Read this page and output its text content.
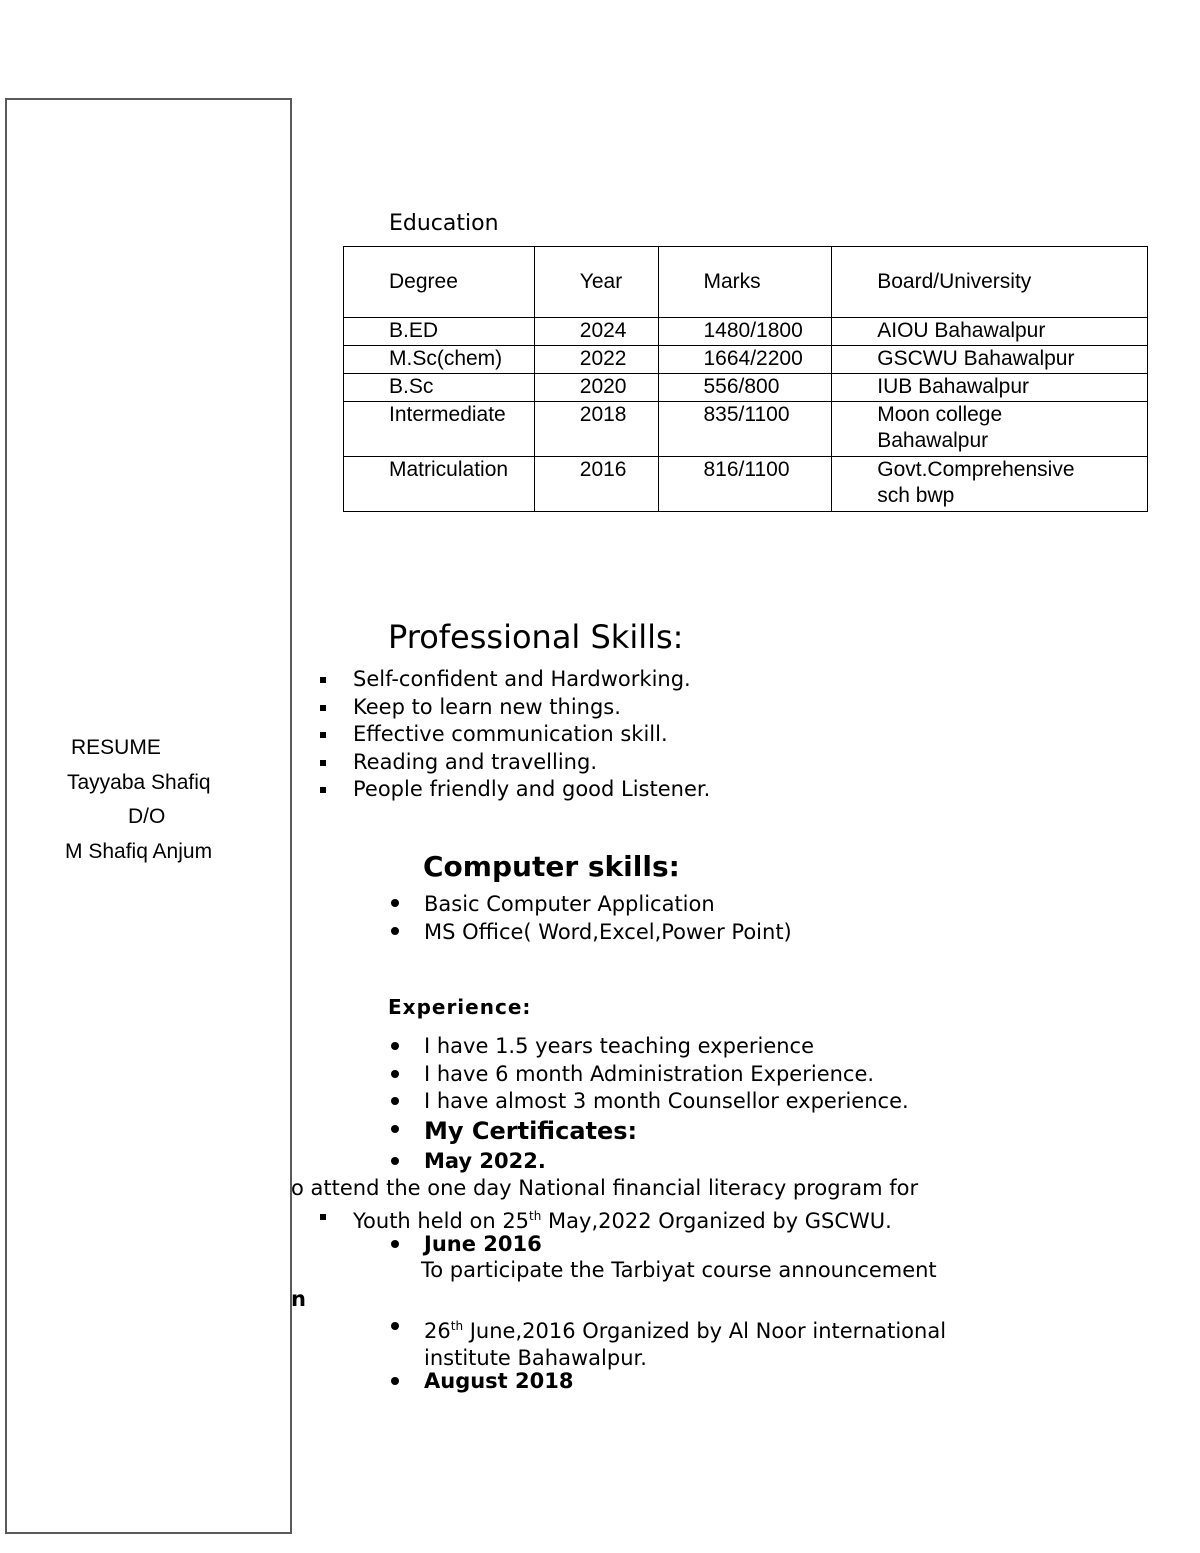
RESUME
Tayyaba Shafiq
D/O
M Shafiq Anjum
Education
Degree	Year	Marks	Board/University

B.ED	2024	1480/1800	AIOU Bahawalpur

M.Sc(chem)	2022	1664/2200	GSCWU Bahawalpur

B.Sc	2020	556/800	IUB Bahawalpur

Intermediate	2018	835/1100	Moon college Bahawalpur

Matriculation	2016	816/1100	Govt.Comprehensive sch bwp
Professional Skills:
Self-confident and Hardworking.
Keep to learn new things.
Effective communication skill.
Reading and travelling.
People friendly and good Listener.
Computer skills:
Basic Computer Application
MS Office( Word,Excel,Power Point)
Experience:
I have 1.5 years teaching experience
I have 6 month Administration Experience.
I have almost 3 month Counsellor experience.
My Certificates:
May 2022.
o attend the one day National financial literacy program for
Youth held on 25th May,2022 Organized by GSCWU.
June 2016
To participate the Tarbiyat course announcement
n
26th June,2016 Organized by Al Noor international
institute Bahawalpur.
August 2018
